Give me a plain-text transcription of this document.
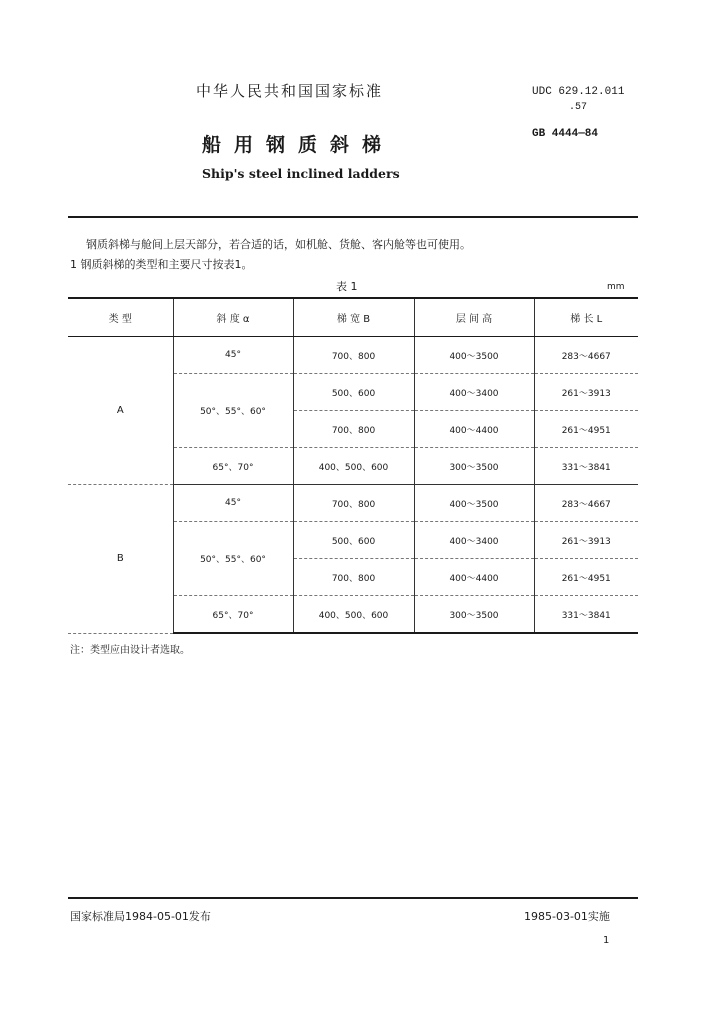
中华人民共和国国家标准
船用钢质斜梯
Ship's steel inclined ladders
UDC 629.12.011
.57
GB 4444—84
钢质斜梯与舱间上层天部分，若合适的话，如机舱、货舱、客内舱等也可使用。
1 钢质斜梯的类型和主要尺寸按表1。
表 1	mm
类 型	斜 度 α	梯 宽 B	层 间 高	梯 长 L
A	45°	700、800	400～3500	283～4667
	50°、55°、60°	500、600	400～3400	261～3913
		700、800	400～4400	261～4951
	65°、70°	400、500、600	300～3500	331～3841
B	45°	700、800	400～3500	283～4667
	50°、55°、60°	500、600	400～3400	261～3913
		700、800	400～4400	261～4951
	65°、70°	400、500、600	300～3500	331～3841
注：类型应由设计者选取。
国家标准局1984-05-01发布	1985-03-01实施
1
